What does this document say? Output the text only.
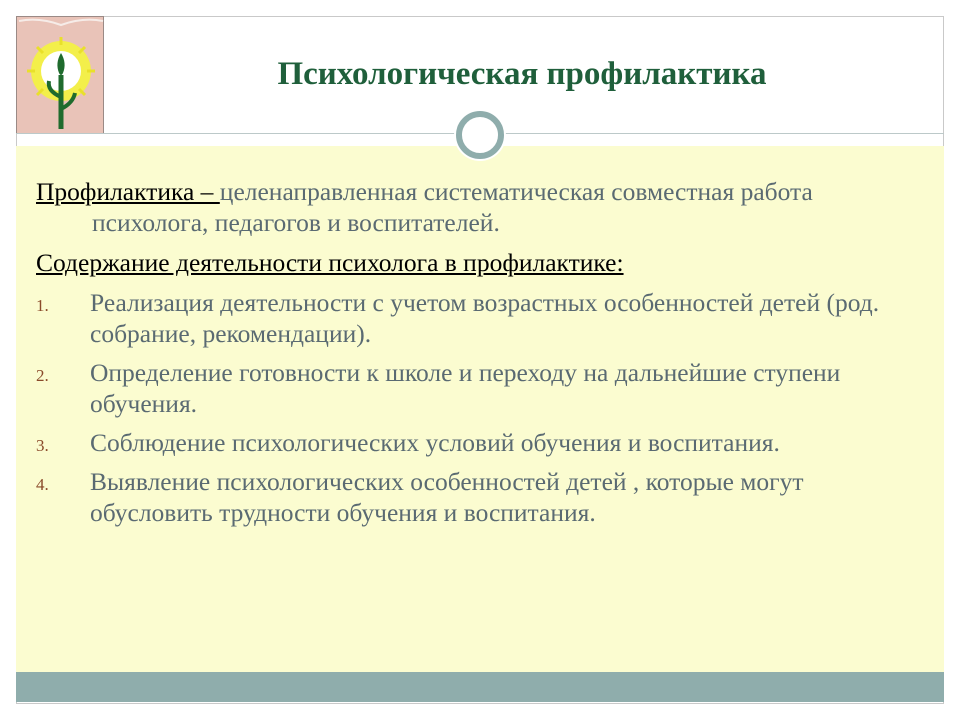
Психологическая профилактика

Профилактика – целенаправленная систематическая совместная работа психолога, педагогов и воспитателей.

Содержание деятельности психолога в профилактике:

1. Реализация деятельности с учетом возрастных особенностей детей (род. собрание, рекомендации).
2. Определение готовности к школе и переходу на дальнейшие ступени обучения.
3. Соблюдение психологических условий обучения и воспитания.
4. Выявление психологических особенностей детей , которые могут обусловить трудности обучения и воспитания.
